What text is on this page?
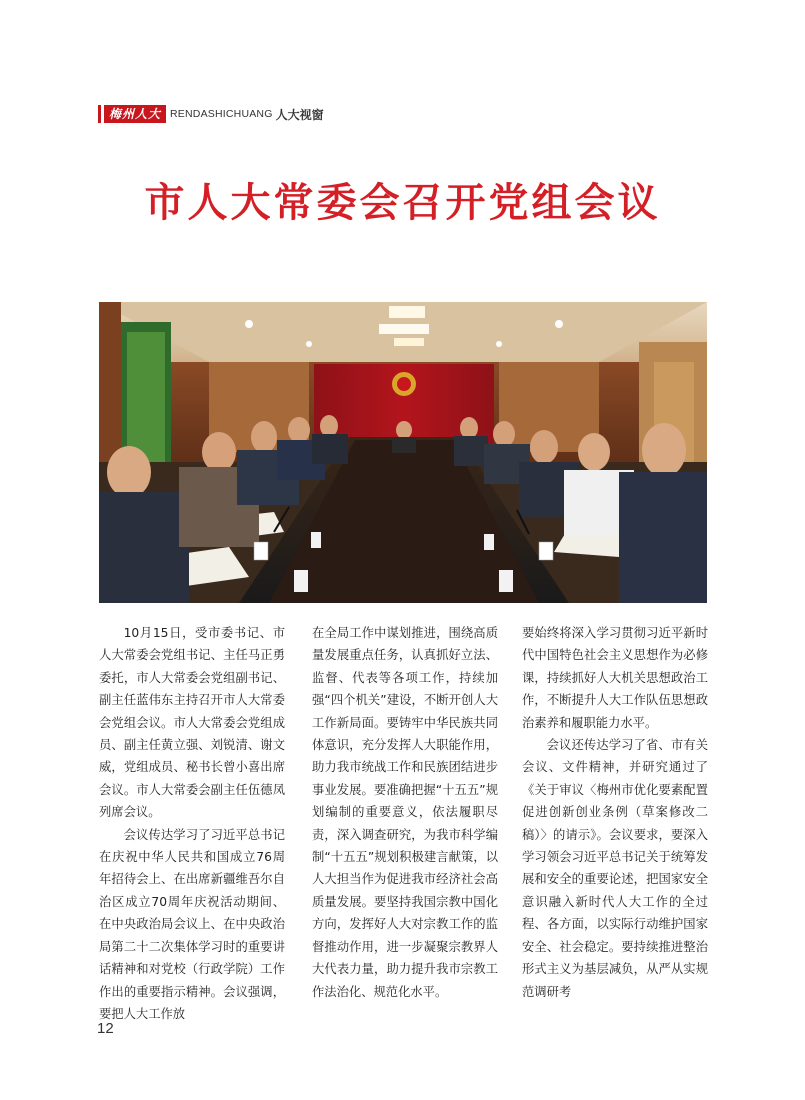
梅州人大 RENDASHICHUANG 人大视窗
市人大常委会召开党组会议

10月15日，受市委书记、市人大常委会党组书记、主任马正勇委托，市人大常委会党组副书记、副主任蓝伟东主持召开市人大常委会党组会议。市人大常委会党组成员、副主任黄立强、刘锐清、谢文威，党组成员、秘书长曾小喜出席会议。市人大常委会副主任伍德凤列席会议。

会议传达学习了习近平总书记在庆祝中华人民共和国成立76周年招待会上、在出席新疆维吾尔自治区成立70周年庆祝活动期间、在中央政治局会议上、在中央政治局第二十二次集体学习时的重要讲话精神和对党校（行政学院）工作作出的重要指示精神。会议强调，要把人大工作放

在全局工作中谋划推进，围绕高质量发展重点任务，认真抓好立法、监督、代表等各项工作，持续加强“四个机关”建设，不断开创人大工作新局面。要铸牢中华民族共同体意识，充分发挥人大职能作用，助力我市统战工作和民族团结进步事业发展。要准确把握“十五五”规划编制的重要意义，依法履职尽责，深入调查研究，为我市科学编制“十五五”规划积极建言献策，以人大担当作为促进我市经济社会高质量发展。要坚持我国宗教中国化方向，发挥好人大对宗教工作的监督推动作用，进一步凝聚宗教界人大代表力量，助力提升我市宗教工作法治化、规范化水平。

要始终将深入学习贯彻习近平新时代中国特色社会主义思想作为必修课，持续抓好人大机关思想政治工作，不断提升人大工作队伍思想政治素养和履职能力水平。

会议还传达学习了省、市有关会议、文件精神，并研究通过了《关于审议〈梅州市优化要素配置促进创新创业条例（草案修改二稿）〉的请示》。会议要求，要深入学习领会习近平总书记关于统筹发展和安全的重要论述，把国家安全意识融入新时代人大工作的全过程、各方面，以实际行动维护国家安全、社会稳定。要持续推进整治形式主义为基层减负，从严从实规范调研考

12
